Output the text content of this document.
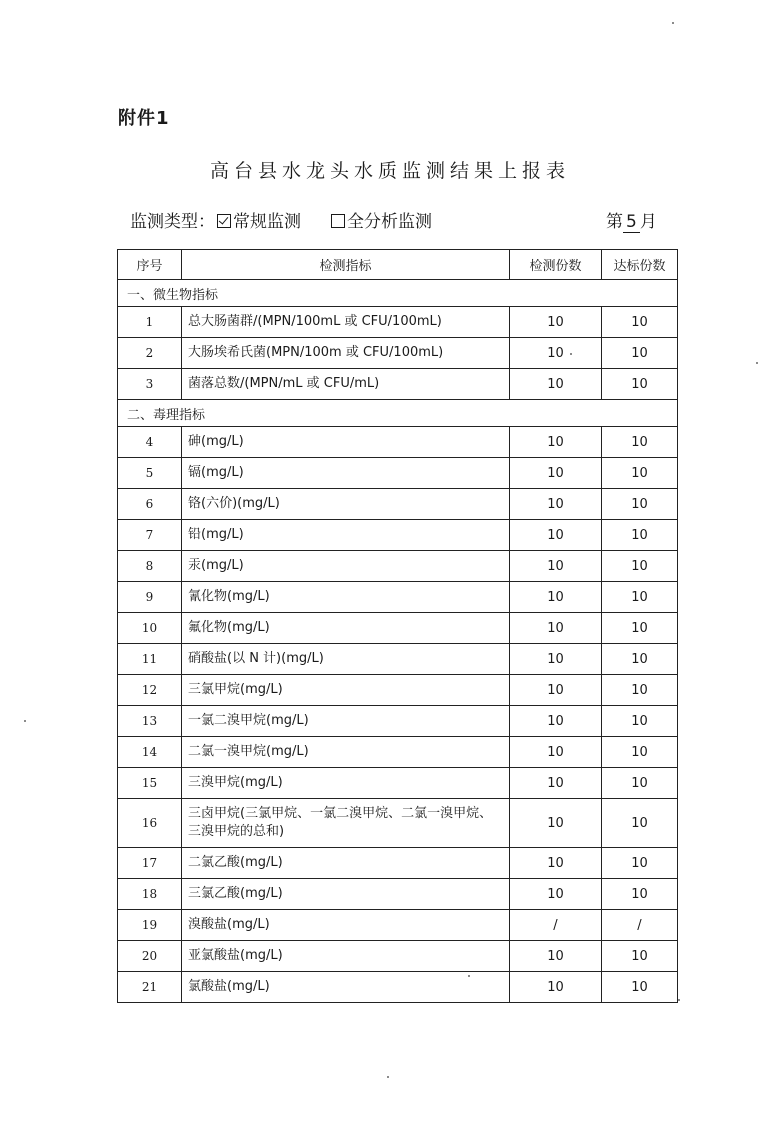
附件1
高台县水龙头水质监测结果上报表
监测类型： 常规监测	全分析监测	第 5 月
序号	检测指标	检测份数	达标份数
一、微生物指标			
1	总大肠菌群/(MPN/100mL 或 CFU/100mL)	10	10
2	大肠埃希氏菌(MPN/100m 或 CFU/100mL)	10	10
3	菌落总数/(MPN/mL 或 CFU/mL)	10	10
二、毒理指标			
4	砷(mg/L)	10	10
5	镉(mg/L)	10	10
6	铬(六价)(mg/L)	10	10
7	铅(mg/L)	10	10
8	汞(mg/L)	10	10
9	氰化物(mg/L)	10	10
10	氟化物(mg/L)	10	10
11	硝酸盐(以 N 计)(mg/L)	10	10
12	三氯甲烷(mg/L)	10	10
13	一氯二溴甲烷(mg/L)	10	10
14	二氯一溴甲烷(mg/L)	10	10
15	三溴甲烷(mg/L)	10	10
16	三卤甲烷(三氯甲烷、一氯二溴甲烷、二氯一溴甲烷、三溴甲烷的总和)	10	10
17	二氯乙酸(mg/L)	10	10
18	三氯乙酸(mg/L)	10	10
19	溴酸盐(mg/L)	/	/
20	亚氯酸盐(mg/L)	10	10
21	氯酸盐(mg/L)	10	10
